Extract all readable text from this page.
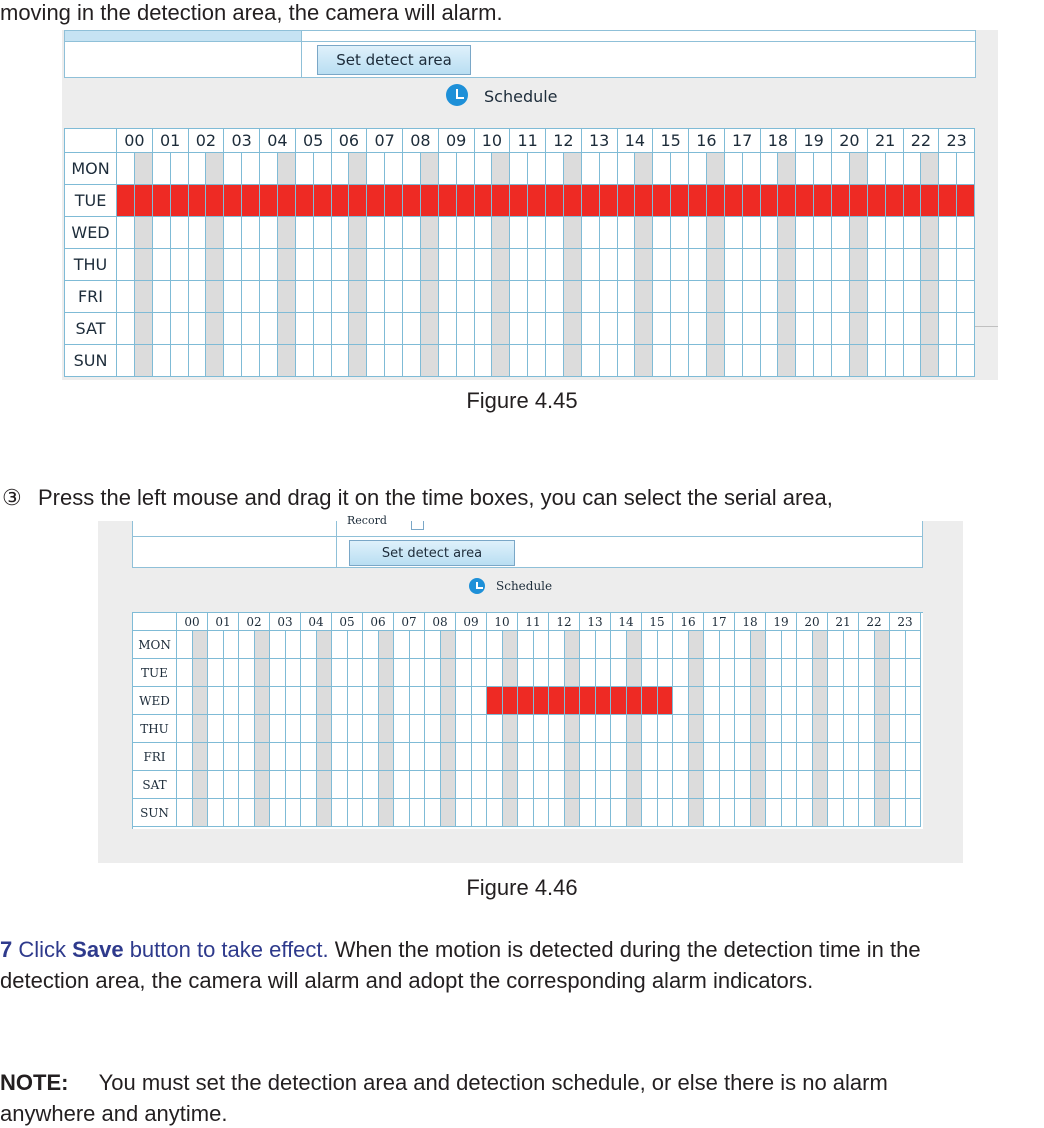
moving in the detection area, the camera will alarm.
Set detect area
Schedule
00 01 02 03 04 05 06 07 08 09 10 11 12 13 14 15 16 17 18 19 20 21 22 23
MON
TUE
WED
THU
FRI
SAT
SUN
Figure 4.45
③ Press the left mouse and drag it on the time boxes, you can select the serial area,
Record
Set detect area
Schedule
00	01	02	03	04	05	06	07	08	09	10	11	12	13	14	15	16	17	18	19	20	21	22	23
MON
TUE
WED
THU
FRI
SAT
SUN
Figure 4.46
7 Click Save button to take effect. When the motion is detected during the detection time in the
detection area, the camera will alarm and adopt the corresponding alarm indicators.
NOTE: You must set the detection area and detection schedule, or else there is no alarm
anywhere and anytime.
